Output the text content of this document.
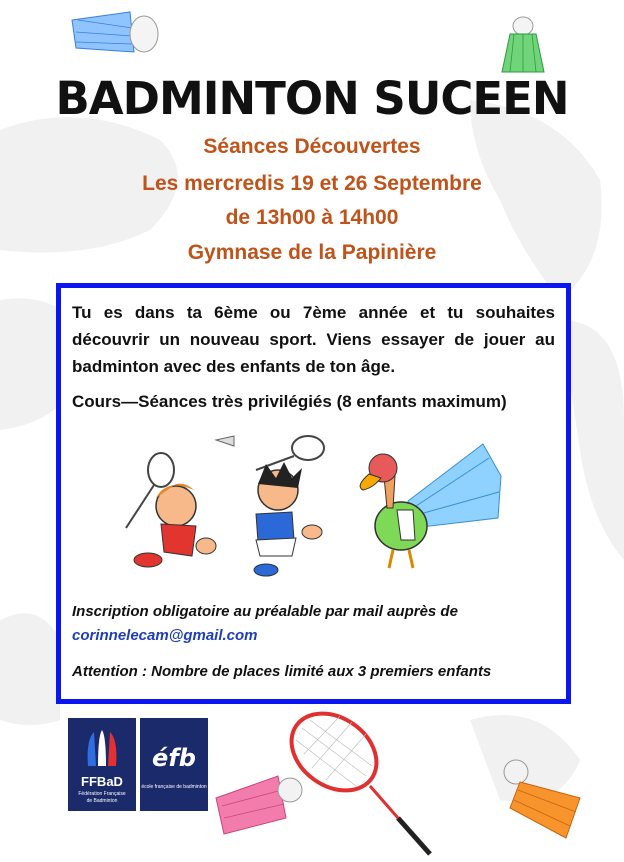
BADMINTON SUCEEN
Séances Découvertes
Les mercredis 19 et 26 Septembre
de 13h00 à 14h00
Gymnase de la Papinière
Tu es dans ta 6ème ou 7ème année et tu souhaites découvrir un nouveau sport. Viens essayer de jouer au badminton avec des enfants de ton âge.
Cours—Séances très privilégiés (8 enfants maximum)
Inscription obligatoire au préalable par mail auprès de
corinnelecam@gmail.com
Attention : Nombre de places limité aux 3 premiers enfants
FFBaD
Fédération Française
de Badminton
éfb
école française de badminton
